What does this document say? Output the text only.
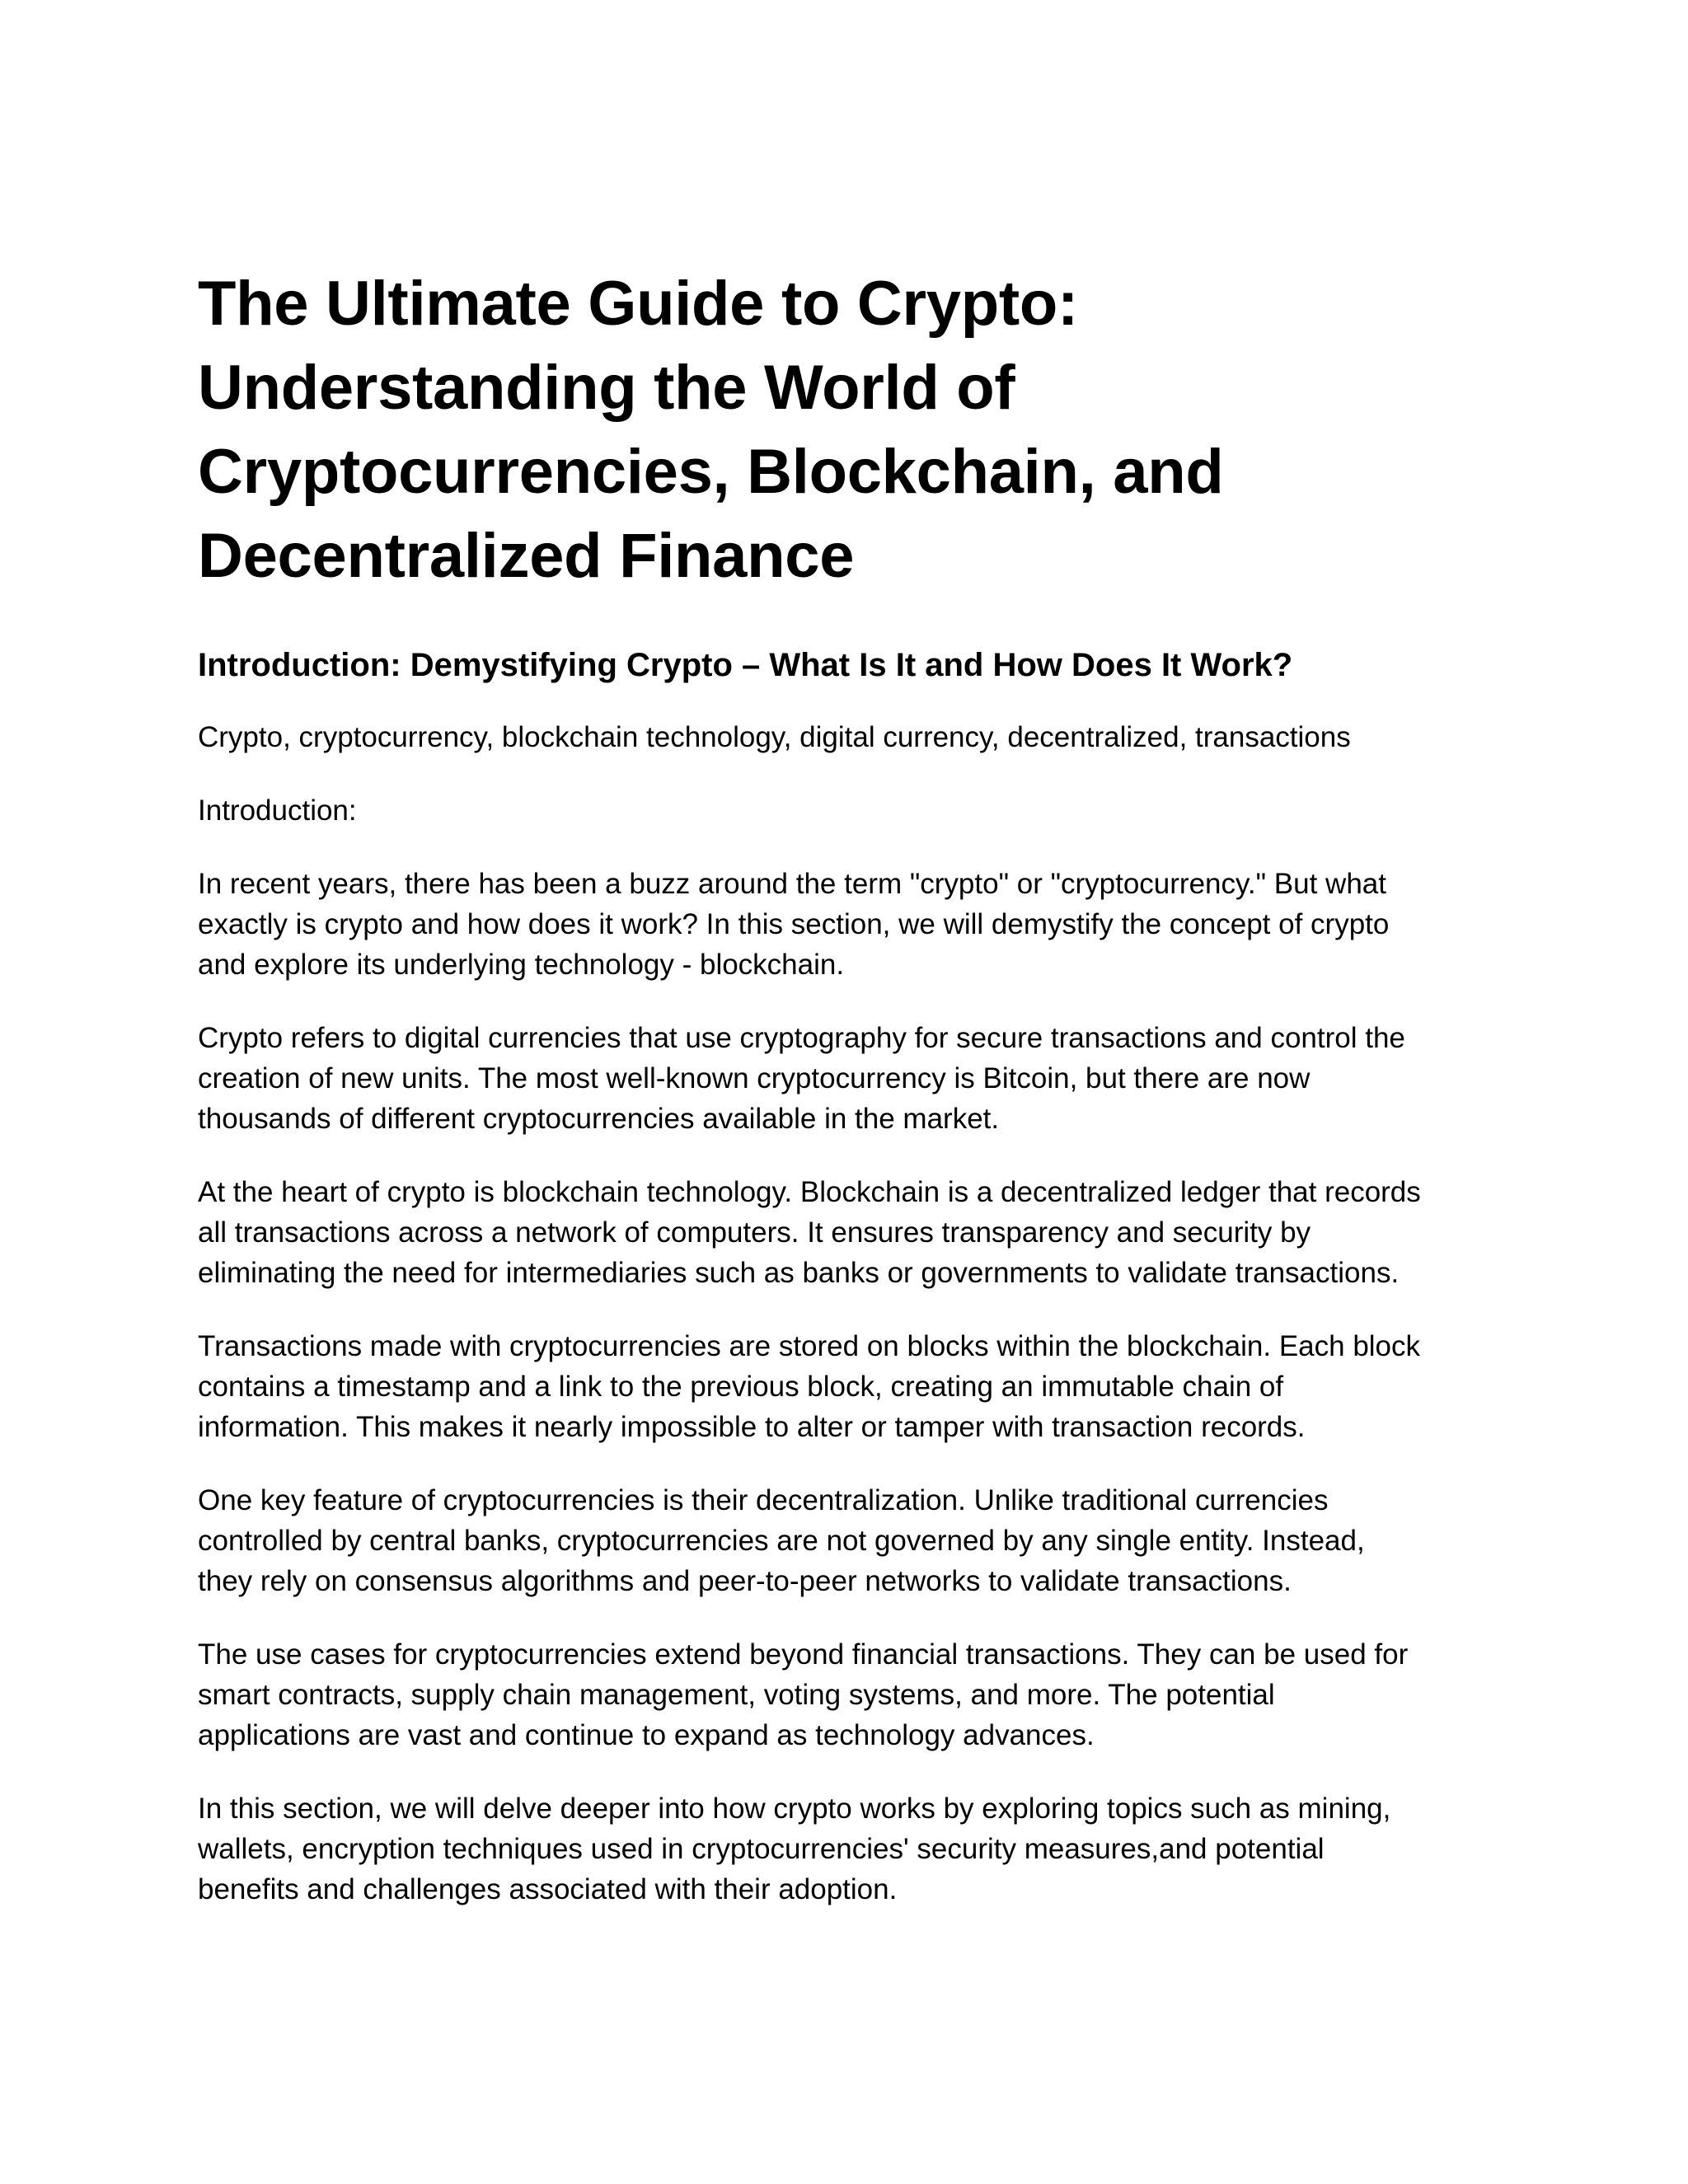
The Ultimate Guide to Crypto:
Understanding the World of
Cryptocurrencies, Blockchain, and
Decentralized Finance
Introduction: Demystifying Crypto – What Is It and How Does It Work?

Crypto, cryptocurrency, blockchain technology, digital currency, decentralized, transactions

Introduction:

In recent years, there has been a buzz around the term "crypto" or "cryptocurrency." But what
exactly is crypto and how does it work? In this section, we will demystify the concept of crypto
and explore its underlying technology - blockchain.

Crypto refers to digital currencies that use cryptography for secure transactions and control the
creation of new units. The most well-known cryptocurrency is Bitcoin, but there are now
thousands of different cryptocurrencies available in the market.

At the heart of crypto is blockchain technology. Blockchain is a decentralized ledger that records
all transactions across a network of computers. It ensures transparency and security by
eliminating the need for intermediaries such as banks or governments to validate transactions.

Transactions made with cryptocurrencies are stored on blocks within the blockchain. Each block
contains a timestamp and a link to the previous block, creating an immutable chain of
information. This makes it nearly impossible to alter or tamper with transaction records.

One key feature of cryptocurrencies is their decentralization. Unlike traditional currencies
controlled by central banks, cryptocurrencies are not governed by any single entity. Instead,
they rely on consensus algorithms and peer-to-peer networks to validate transactions.

The use cases for cryptocurrencies extend beyond financial transactions. They can be used for
smart contracts, supply chain management, voting systems, and more. The potential
applications are vast and continue to expand as technology advances.

In this section, we will delve deeper into how crypto works by exploring topics such as mining,
wallets, encryption techniques used in cryptocurrencies' security measures,and potential
benefits and challenges associated with their adoption.
